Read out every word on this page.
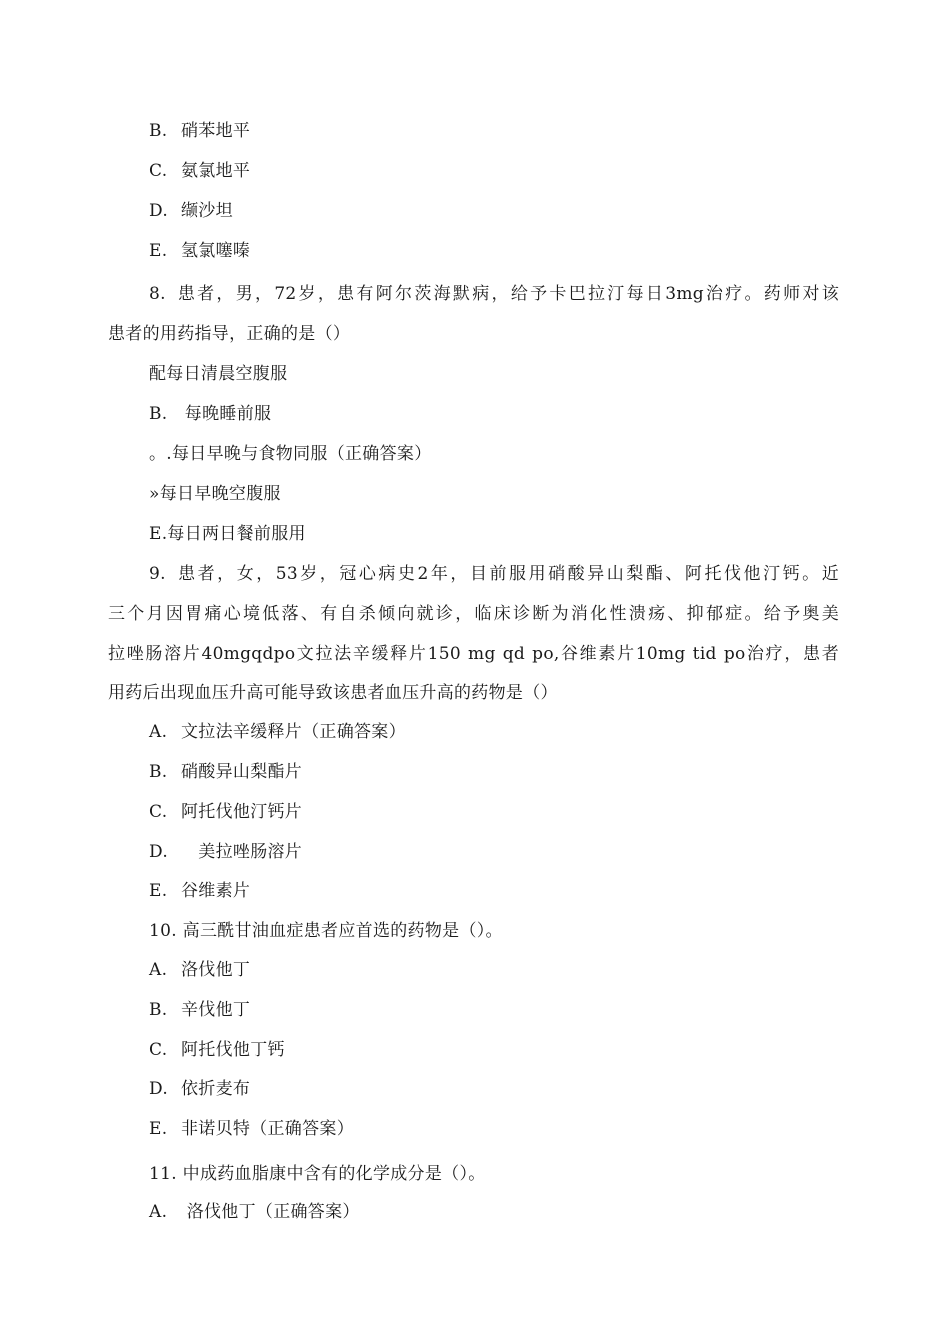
B. 硝苯地平
C. 氨氯地平
D. 缬沙坦
E. 氢氯噻嗪
8. 患者，男，72岁，患有阿尔茨海默病，给予卡巴拉汀每日3mg治疗。药师对该
患者的用药指导，正确的是（）
配每日清晨空腹服
B.　每晚睡前服
。.每日早晚与食物同服（正确答案）
»每日早晚空腹服
E.每日两日餐前服用
9. 患者，女，53岁，冠心病史2年，目前服用硝酸异山梨酯、阿托伐他汀钙。近
三个月因胃痛心境低落、有自杀倾向就诊，临床诊断为消化性溃疡、抑郁症。给予奥美
拉唑肠溶片40mgqdpo文拉法辛缓释片150 mg qd po,谷维素片10mg tid po治疗，患者
用药后出现血压升高可能导致该患者血压升高的药物是（）
A. 文拉法辛缓释片（正确答案）
B. 硝酸异山梨酯片
C. 阿托伐他汀钙片
D.　美拉唑肠溶片
E. 谷维素片
10. 高三酰甘油血症患者应首选的药物是（）。
A. 洛伐他丁
B. 辛伐他丁
C. 阿托伐他丁钙
D. 依折麦布
E. 非诺贝特（正确答案）
11. 中成药血脂康中含有的化学成分是（）。
A. 洛伐他丁（正确答案）
